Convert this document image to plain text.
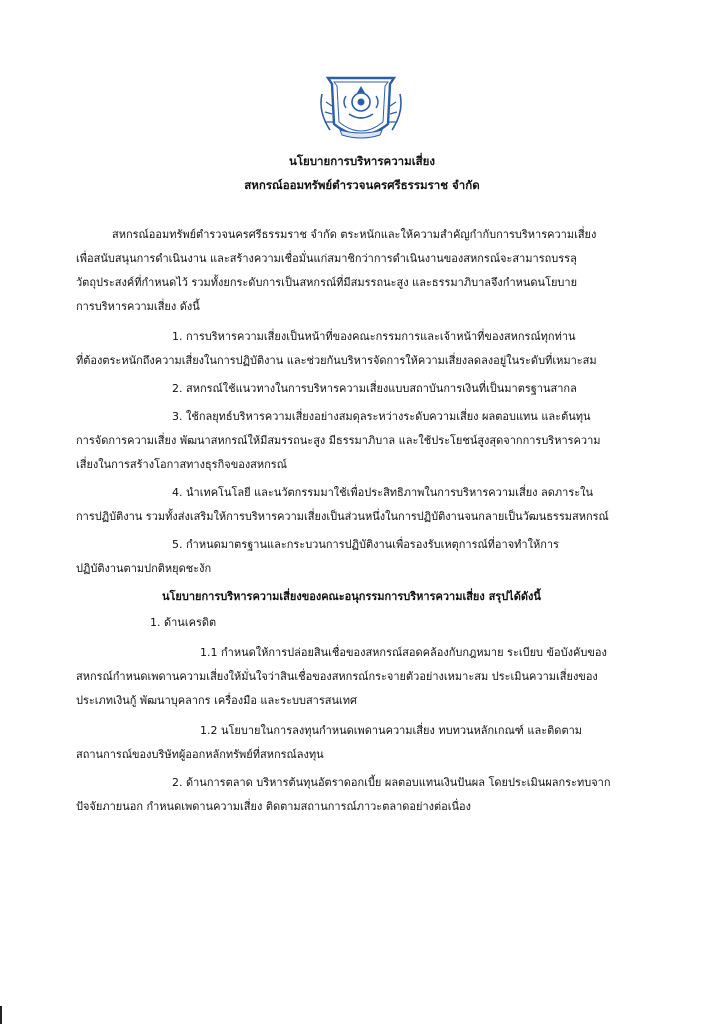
นโยบายการบริหารความเสี่ยง
สหกรณ์ออมทรัพย์ตำรวจนครศรีธรรมราช จำกัด
สหกรณ์ออมทรัพย์ตำรวจนครศรีธรรมราช จำกัด ตระหนักและให้ความสำคัญกำกับการบริหารความเสี่ยง
เพื่อสนับสนุนการดำเนินงาน และสร้างความเชื่อมั่นแก่สมาชิกว่าการดำเนินงานของสหกรณ์จะสามารถบรรลุ
วัตถุประสงค์ที่กำหนดไว้ รวมทั้งยกระดับการเป็นสหกรณ์ที่มีสมรรถนะสูง และธรรมาภิบาลจึงกำหนดนโยบาย
การบริหารความเสี่ยง ดังนี้
1. การบริหารความเสี่ยงเป็นหน้าที่ของคณะกรรมการและเจ้าหน้าที่ของสหกรณ์ทุกท่าน
ที่ต้องตระหนักถึงความเสี่ยงในการปฏิบัติงาน และช่วยกันบริหารจัดการให้ความเสี่ยงลดลงอยู่ในระดับที่เหมาะสม
2. สหกรณ์ใช้แนวทางในการบริหารความเสี่ยงแบบสถาบันการเงินที่เป็นมาตรฐานสากล
3. ใช้กลยุทธ์บริหารความเสี่ยงอย่างสมดุลระหว่างระดับความเสี่ยง ผลตอบแทน และต้นทุน
การจัดการความเสี่ยง พัฒนาสหกรณ์ให้มีสมรรถนะสูง มีธรรมาภิบาล และใช้ประโยชน์สูงสุดจากการบริหารความ
เสี่ยงในการสร้างโอกาสทางธุรกิจของสหกรณ์
4. นำเทคโนโลยี และนวัตกรรมมาใช้เพื่อประสิทธิภาพในการบริหารความเสี่ยง ลดภาระใน
การปฏิบัติงาน รวมทั้งส่งเสริมให้การบริหารความเสี่ยงเป็นส่วนหนึ่งในการปฏิบัติงานจนกลายเป็นวัฒนธรรมสหกรณ์
5. กำหนดมาตรฐานและกระบวนการปฏิบัติงานเพื่อรองรับเหตุการณ์ที่อาจทำให้การ
ปฏิบัติงานตามปกติหยุดชะงัก
นโยบายการบริหารความเสี่ยงของคณะอนุกรรมการบริหารความเสี่ยง สรุปได้ดังนี้
1. ด้านเครดิต
1.1 กำหนดให้การปล่อยสินเชื่อของสหกรณ์สอดคล้องกับกฎหมาย ระเบียบ ข้อบังคับของ
สหกรณ์กำหนดเพดานความเสี่ยงให้มั่นใจว่าสินเชื่อของสหกรณ์กระจายตัวอย่างเหมาะสม ประเมินความเสี่ยงของ
ประเภทเงินกู้ พัฒนาบุคลากร เครื่องมือ และระบบสารสนเทศ
1.2 นโยบายในการลงทุนกำหนดเพดานความเสี่ยง ทบทวนหลักเกณฑ์ และติดตาม
สถานการณ์ของบริษัทผู้ออกหลักทรัพย์ที่สหกรณ์ลงทุน
2. ด้านการตลาด บริหารต้นทุนอัตราดอกเบี้ย ผลตอบแทนเงินปันผล โดยประเมินผลกระทบจาก
ปัจจัยภายนอก กำหนดเพดานความเสี่ยง ติดตามสถานการณ์ภาวะตลาดอย่างต่อเนื่อง
